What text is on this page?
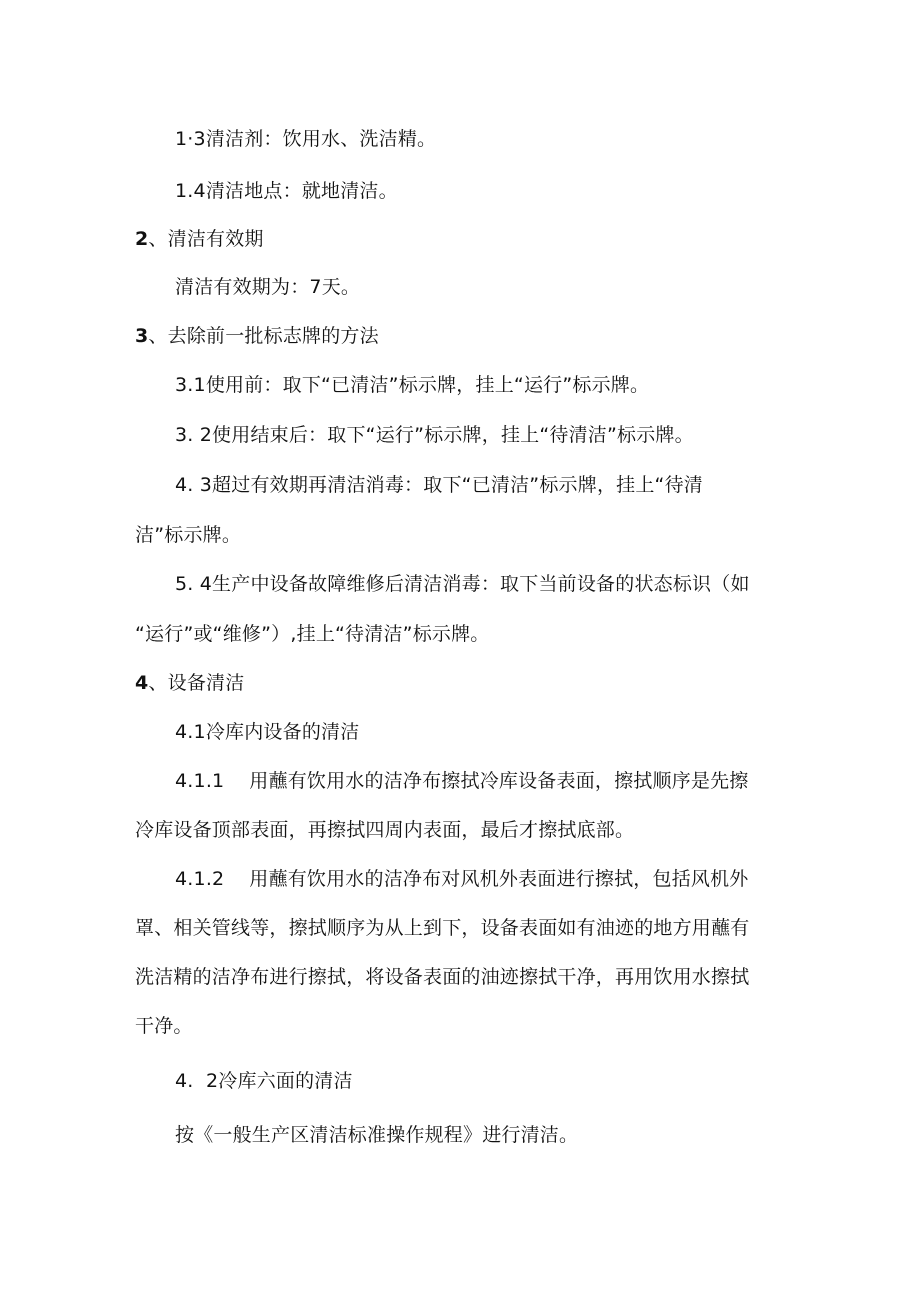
1·3清洁剂：饮用水、洗洁精。
1.4清洁地点：就地清洁。
2、清洁有效期
清洁有效期为：7天。
3、去除前一批标志牌的方法
3.1使用前：取下“已清洁”标示牌，挂上“运行”标示牌。
3. 2使用结束后：取下“运行”标示牌，挂上“待清洁”标示牌。
4. 3超过有效期再清洁消毒：取下“已清洁”标示牌，挂上“待清
洁”标示牌。
5. 4生产中设备故障维修后清洁消毒：取下当前设备的状态标识（如
“运行”或“维修”）,挂上“待清洁”标示牌。
4、设备清洁
4.1冷库内设备的清洁
4.1.1    用蘸有饮用水的洁净布擦拭冷库设备表面，擦拭顺序是先擦
冷库设备顶部表面，再擦拭四周内表面，最后才擦拭底部。
4.1.2    用蘸有饮用水的洁净布对风机外表面进行擦拭，包括风机外
罩、相关管线等，擦拭顺序为从上到下，设备表面如有油迹的地方用蘸有
洗洁精的洁净布进行擦拭，将设备表面的油迹擦拭干净，再用饮用水擦拭
干净。
4.  2冷库六面的清洁
按《一般生产区清洁标准操作规程》进行清洁。
